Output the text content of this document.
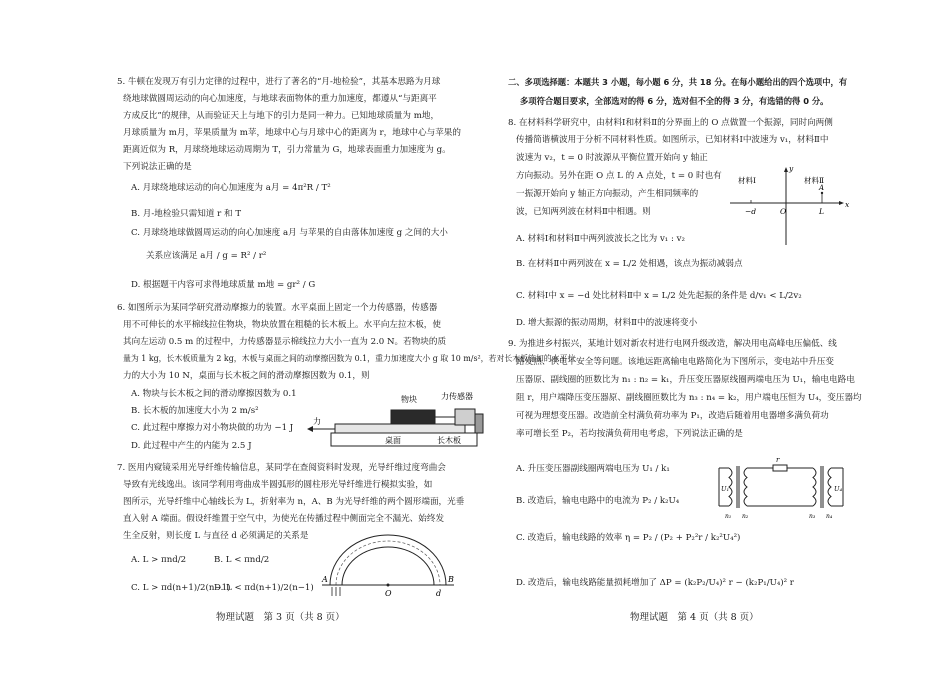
5. 牛顿在发现万有引力定律的过程中，进行了著名的“月-地检验”，其基本思路为月球
绕地球做圆周运动的向心加速度，与地球表面物体的重力加速度，都遵从“与距离平
方成反比”的规律，从而验证天上与地下的引力是同一种力。已知地球质量为 m地，
月球质量为 m月，苹果质量为 m苹，地球中心与月球中心的距离为 r，地球中心与苹果的
距离近似为 R，月球绕地球运动周期为 T，引力常量为 G，地球表面重力加速度为 g。
下列说法正确的是
A. 月球绕地球运动的向心加速度为 a月 = 4π²R / T²
B. 月-地检验只需知道 r 和 T
C. 月球绕地球做圆周运动的向心加速度 a月 与苹果的自由落体加速度 g 之间的大小
关系应该满足 a月 / g = R² / r²
D. 根据题干内容可求得地球质量 m地 = gr² / G
6. 如图所示为某同学研究滑动摩擦力的装置。水平桌面上固定一个力传感器，传感器
用不可伸长的水平棉线拉住物块，物块放置在粗糙的长木板上。水平向左拉木板，使
其向左运动 0.5 m 的过程中，力传感器显示棉线拉力大小一直为 2.0 N。若物块的质
量为 1 kg，长木板质量为 2 kg，木板与桌面之间的动摩擦因数为 0.1，重力加速度大小 g 取 10 m/s²，若对长木板施加的水平拉
力的大小为 10 N，桌面与长木板之间的滑动摩擦因数为 0.1，则
A. 物块与长木板之间的滑动摩擦因数为 0.1
B. 长木板的加速度大小为 2 m/s²
C. 此过程中摩擦力对小物块做的功为 −1 J
D. 此过程中产生的内能为 2.5 J
力
物块	力传感器
桌面	长木板
7. 医用内窥镜采用光导纤维传输信息，某同学在查阅资料时发现，光导纤维过度弯曲会
导致有光线逸出。该同学利用弯曲成半圆弧形的圆柱形光导纤维进行模拟实验，如
图所示，光导纤维中心轴线长为 L，折射率为 n，A、B 为光导纤维的两个圆形端面，光垂
直入射 A 端面。假设纤维置于空气中，为使光在传播过程中侧面完全不漏光、始终发
生全反射，则长度 L 与直径 d 必须满足的关系是
A. L > πnd/2	B. L < πnd/2
C. L > πd(n+1)/2(n−1)
D. L < πd(n+1)/2(n−1)
A	B
O	d
物理试题　第 3 页（共 8 页）
二、多项选择题：本题共 3 小题，每小题 6 分，共 18 分。在每小题给出的四个选项中，有
多项符合题目要求，全部选对的得 6 分，选对但不全的得 3 分，有选错的得 0 分。
8. 在材料科学研究中，由材料Ⅰ和材料Ⅱ的分界面上的 O 点做置一个振源，同时向两侧
传播简谐横波用于分析不同材料性质。如图所示，已知材料Ⅰ中波速为 v₁，材料Ⅱ中
波速为 v₂，t = 0 时波源从平衡位置开始向 y 轴正
方向振动。另外在距 O 点 L 的 A 点处，t = 0 时也有
一振源开始向 y 轴正方向振动，产生相同频率的
波，已知两列波在材料Ⅱ中相遇。则
A. 材料Ⅰ和材料Ⅱ中两列波波长之比为 v₁ : v₂
B. 在材料Ⅱ中两列波在 x = L/2 处相遇，该点为振动减弱点
C. 材料Ⅰ中 x = −d 处比材料Ⅱ中 x = L/2 处先起振的条件是 d/v₁ < L/2v₂
D. 增大振源的振动周期，材料Ⅱ中的波速将变小
y
x
材料Ⅰ	材料Ⅱ
−d	O	L
A
9. 为推进乡村振兴，某地计划对新农村进行电网升级改造，解决用电高峰电压偏低、线
路发热、供电不安全等问题。该地远距离输电电路简化为下图所示，变电站中升压变
压器原、副线圈的匝数比为 n₁ : n₂ = k₁，升压变压器原线圈两端电压为 U₁，输电电路电
阻 r，用户端降压变压器原、副线圈匝数比为 n₃ : n₄ = k₂，用户端电压恒为 U₄，变压器均
可视为理想变压器。改造前全村满负荷功率为 P₁，改造后随着用电器增多满负荷功
率可增长至 P₂，若均按满负荷用电考虑，下列说法正确的是
A. 升压变压器副线圈两端电压为 U₁ / k₁
B. 改造后，输电电路中的电流为 P₂ / k₂U₄
C. 改造后，输电线路的效率 η = P₂ / (P₂ + P₂²r / k₂²U₄²)
D. 改造后，输电线路能量损耗增加了 ΔP = (k₂P₂/U₄)² r − (k₂P₁/U₄)² r
r
U₁	U₄
n₁ n₂	n₃ n₄
物理试题　第 4 页（共 8 页）
